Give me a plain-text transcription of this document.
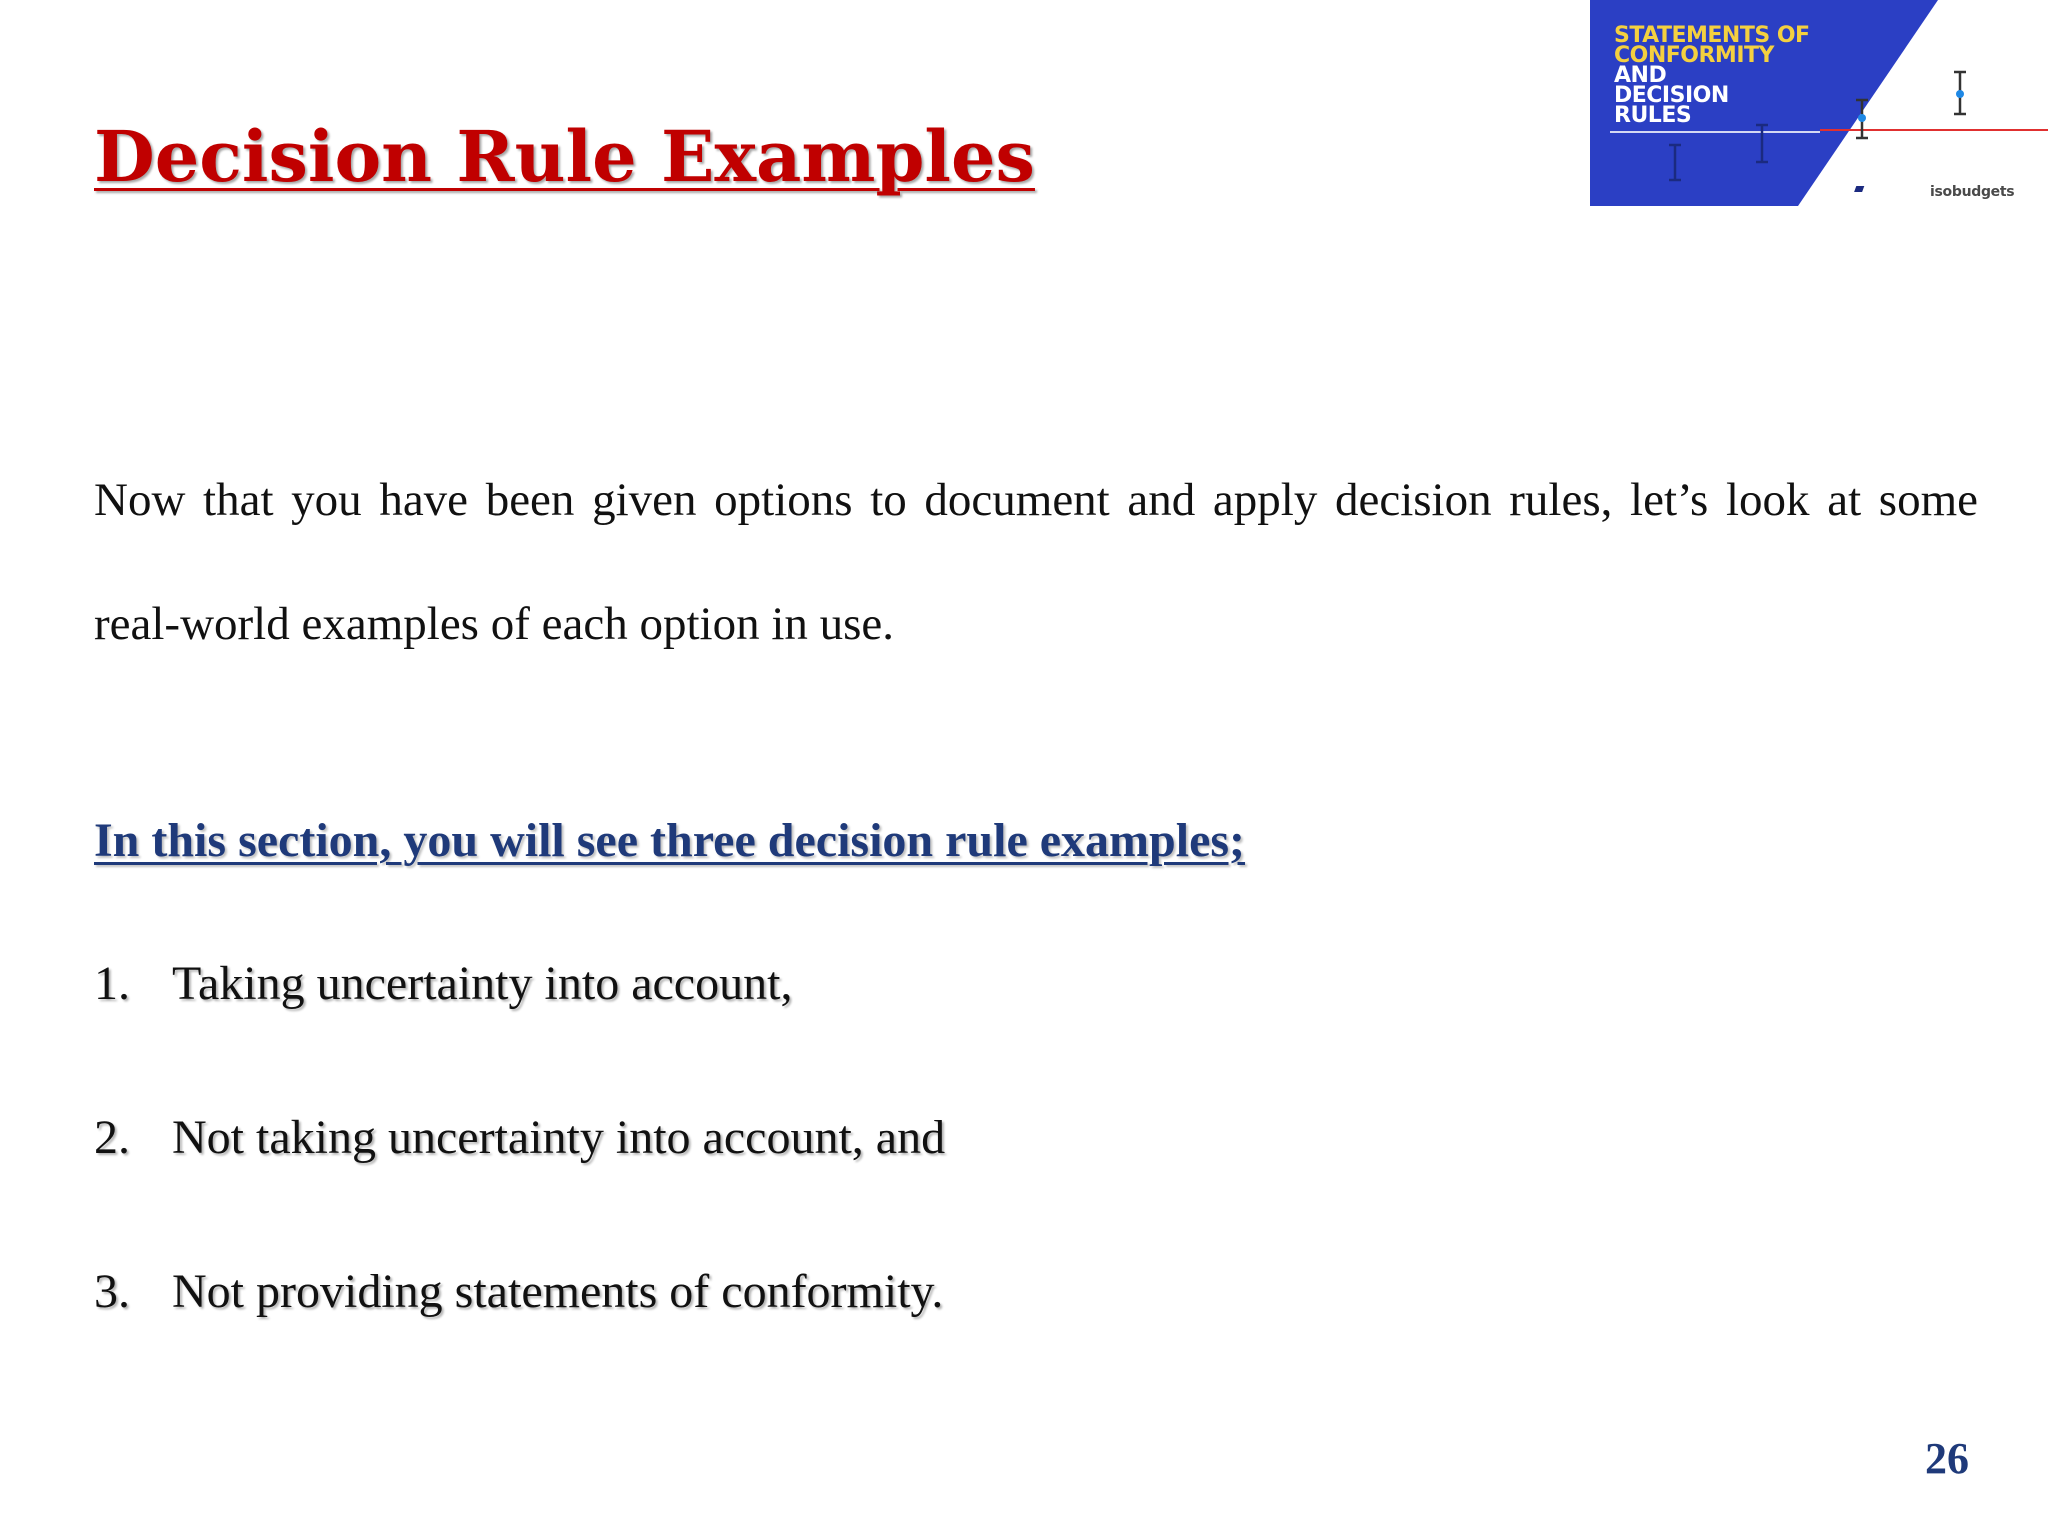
Decision Rule Examples
STATEMENTS OF
CONFORMITY
AND
DECISION
RULES
isobudgets

Now that you have been given options to document and apply decision rules, let’s look at some real-world examples of each option in use.

In this section, you will see three decision rule examples;

1. Taking uncertainty into account,
2. Not taking uncertainty into account, and
3. Not providing statements of conformity.
26
